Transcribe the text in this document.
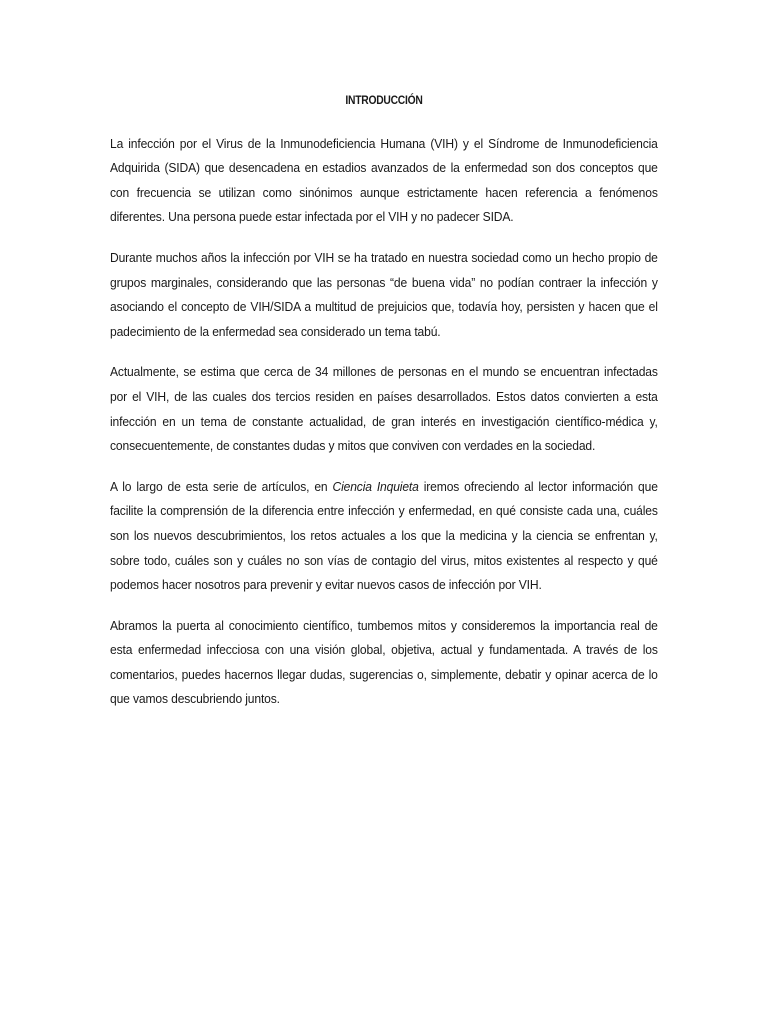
INTRODUCCIÓN

La infección por el Virus de la Inmunodeficiencia Humana (VIH) y el Síndrome de Inmunodeficiencia Adquirida (SIDA) que desencadena en estadios avanzados de la enfermedad son dos conceptos que con frecuencia se utilizan como sinónimos aunque estrictamente hacen referencia a fenómenos diferentes. Una persona puede estar infectada por el VIH y no padecer SIDA.

Durante muchos años la infección por VIH se ha tratado en nuestra sociedad como un hecho propio de grupos marginales, considerando que las personas “de buena vida” no podían contraer la infección y asociando el concepto de VIH/SIDA a multitud de prejuicios que, todavía hoy, persisten y hacen que el padecimiento de la enfermedad sea considerado un tema tabú.

Actualmente, se estima que cerca de 34 millones de personas en el mundo se encuentran infectadas por el VIH, de las cuales dos tercios residen en países desarrollados. Estos datos convierten a esta infección en un tema de constante actualidad, de gran interés en investigación científico-médica y, consecuentemente, de constantes dudas y mitos que conviven con verdades en la sociedad.

A lo largo de esta serie de artículos, en Ciencia Inquieta iremos ofreciendo al lector información que facilite la comprensión de la diferencia entre infección y enfermedad, en qué consiste cada una, cuáles son los nuevos descubrimientos, los retos actuales a los que la medicina y la ciencia se enfrentan y, sobre todo, cuáles son y cuáles no son vías de contagio del virus, mitos existentes al respecto y qué podemos hacer nosotros para prevenir y evitar nuevos casos de infección por VIH.

Abramos la puerta al conocimiento científico, tumbemos mitos y consideremos la importancia real de esta enfermedad infecciosa con una visión global, objetiva, actual y fundamentada. A través de los comentarios, puedes hacernos llegar dudas, sugerencias o, simplemente, debatir y opinar acerca de lo que vamos descubriendo juntos.
